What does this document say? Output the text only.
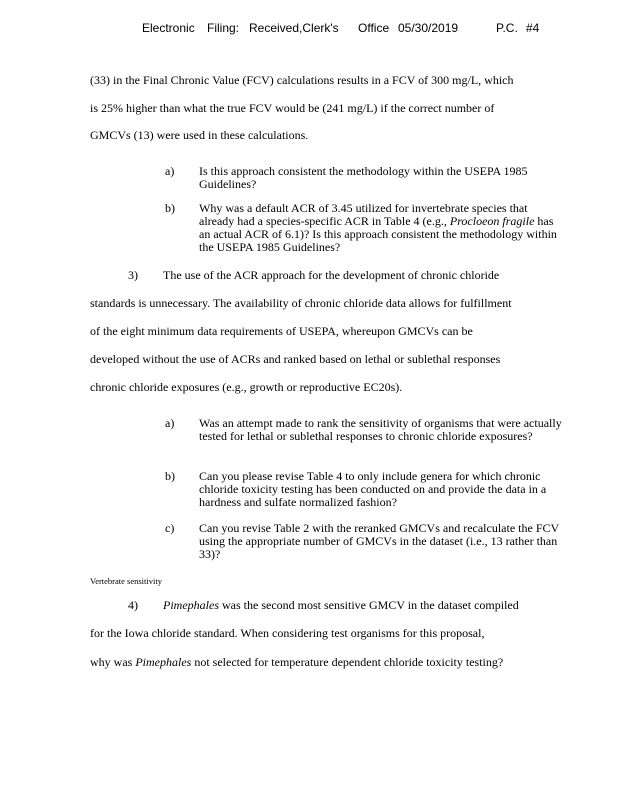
Electronic Filing: Received,Clerk's Office 05/30/2019	P.C. #4
(33) in the Final Chronic Value (FCV) calculations results in a FCV of 300 mg/L, which
is 25% higher than what the true FCV would be (241 mg/L) if the correct number of
GMCVs (13) were used in these calculations.
a) Is this approach consistent the methodology within the USEPA 1985 Guidelines?
b) Why was a default ACR of 3.45 utilized for invertebrate species that already had a species-specific ACR in Table 4 (e.g., Procloeon fragile has an actual ACR of 6.1)? Is this approach consistent the methodology within the USEPA 1985 Guidelines?
3) The use of the ACR approach for the development of chronic chloride
standards is unnecessary. The availability of chronic chloride data allows for fulfillment
of the eight minimum data requirements of USEPA, whereupon GMCVs can be
developed without the use of ACRs and ranked based on lethal or sublethal responses
chronic chloride exposures (e.g., growth or reproductive EC20s).
a) Was an attempt made to rank the sensitivity of organisms that were actually tested for lethal or sublethal responses to chronic chloride exposures?
b) Can you please revise Table 4 to only include genera for which chronic chloride toxicity testing has been conducted on and provide the data in a hardness and sulfate normalized fashion?
c) Can you revise Table 2 with the reranked GMCVs and recalculate the FCV using the appropriate number of GMCVs in the dataset (i.e., 13 rather than 33)?
Vertebrate sensitivity
4) Pimephales was the second most sensitive GMCV in the dataset compiled
for the Iowa chloride standard. When considering test organisms for this proposal,
why was Pimephales not selected for temperature dependent chloride toxicity testing?
